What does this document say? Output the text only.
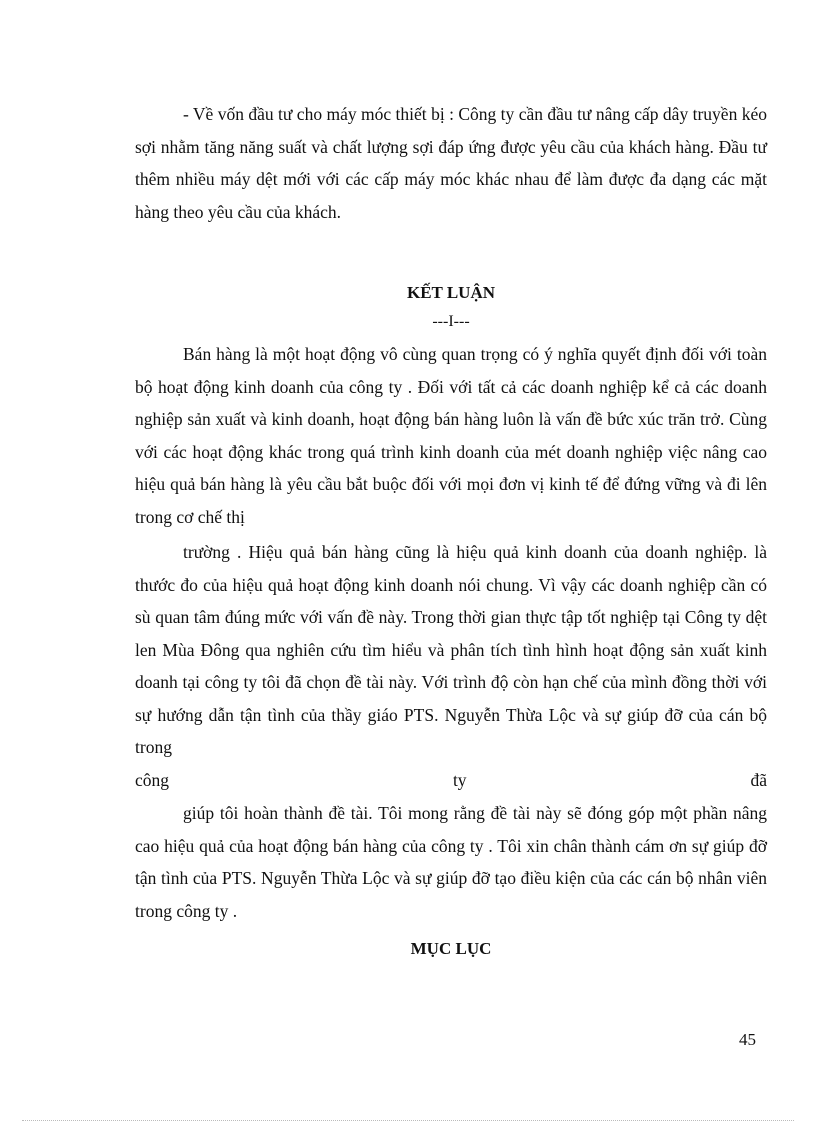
- Về vốn đầu tư cho máy móc thiết bị : Công ty cần đầu tư nâng cấp dây truyền kéo sợi nhằm tăng năng suất và chất lượng sợi đáp ứng được yêu cầu của khách hàng. Đầu tư thêm nhiều máy dệt mới với các cấp máy móc khác nhau để làm được đa dạng các mặt hàng theo yêu cầu của khách.

KẾT LUẬN
---I---

Bán hàng là một hoạt động vô cùng quan trọng có ý nghĩa quyết định đối với toàn bộ hoạt động kinh doanh của công ty . Đối với tất cả các doanh nghiệp kể cả các doanh nghiệp sản xuất và kinh doanh, hoạt động bán hàng luôn là vấn đề bức xúc trăn trở. Cùng với các hoạt động khác trong quá trình kinh doanh của mét doanh nghiệp việc nâng cao hiệu quả bán hàng là yêu cầu bắt buộc đối với mọi đơn vị kinh tế để đứng vững và đi lên trong cơ chế thị

trường . Hiệu quả bán hàng cũng là hiệu quả kinh doanh của doanh nghiệp. là thước đo của hiệu quả hoạt động kinh doanh nói chung. Vì vậy các doanh nghiệp cần có sù quan tâm đúng mức với vấn đề này. Trong thời gian thực tập tốt nghiệp tại Công ty dệt len Mùa Đông qua nghiên cứu tìm hiểu và phân tích tình hình hoạt động sản xuất kinh doanh tại công ty tôi đã chọn đề tài này. Với trình độ còn hạn chế của mình đồng thời với sự hướng dẫn tận tình của thầy giáo PTS. Nguyễn Thừa Lộc và sự giúp đỡ của cán bộ trong

công	ty	đã

giúp tôi hoàn thành đề tài. Tôi mong rằng đề tài này sẽ đóng góp một phần nâng cao hiệu quả của hoạt động bán hàng của công ty . Tôi xin chân thành cám ơn sự giúp đỡ tận tình của PTS. Nguyễn Thừa Lộc và sự giúp đỡ tạo điều kiện của các cán bộ nhân viên trong công ty .

MỤC LỤC
45
